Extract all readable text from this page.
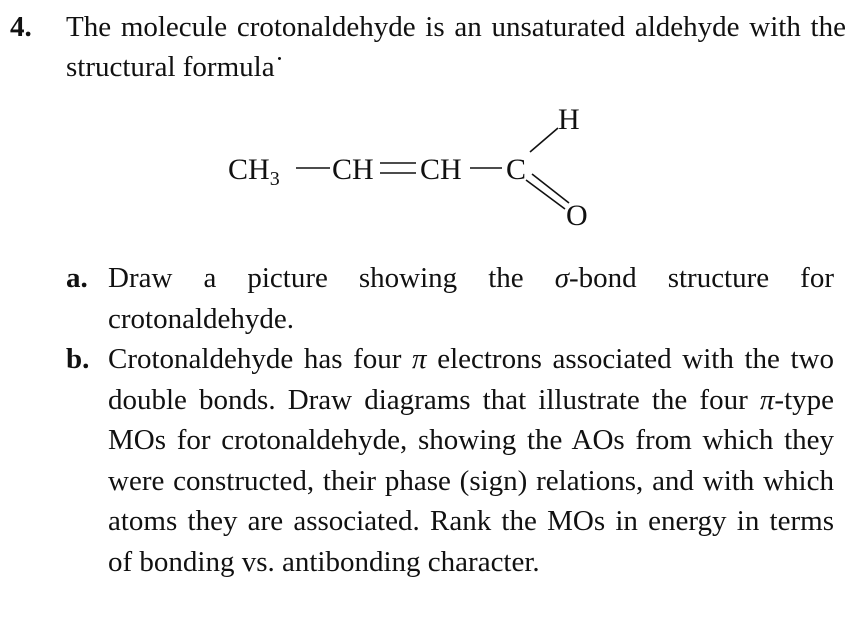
4. The molecule crotonaldehyde is an unsaturated aldehyde with the structural formula˙
$CH_3$ CH CH C
H
O
a. Draw a picture showing the σ-bond structure for crotonaldehyde.
b. Crotonaldehyde has four π electrons associated with the two double bonds. Draw diagrams that illustrate the four π-type MOs for crotonaldehyde, showing the AOs from which they were constructed, their phase (sign) relations, and with which atoms they are associated. Rank the MOs in energy in terms of bonding vs. antibonding character.
